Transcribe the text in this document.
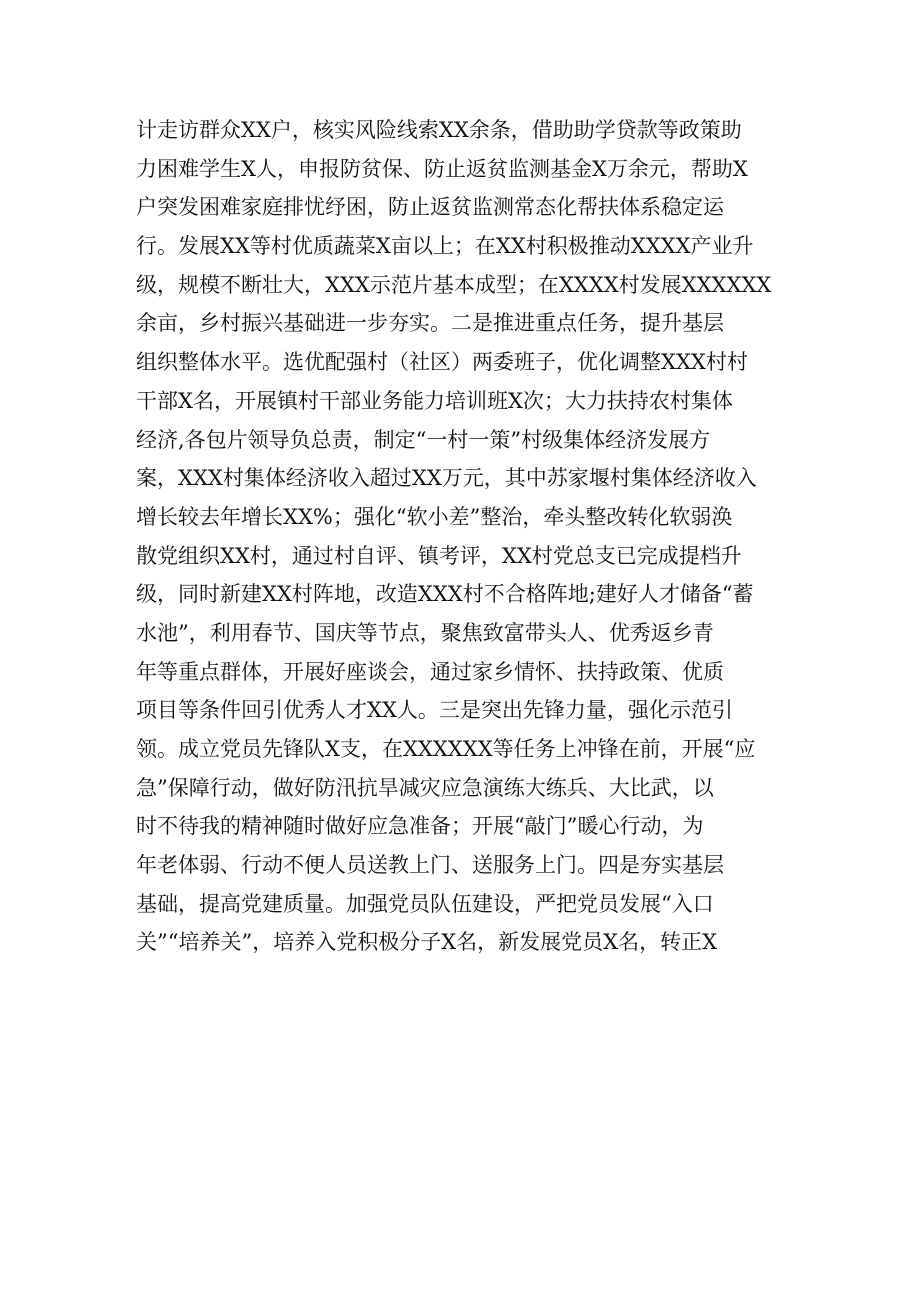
计走访群众XX户，核实风险线索XX余条，借助助学贷款等政策助
力困难学生X人，申报防贫保、防止返贫监测基金X万余元，帮助X
户突发困难家庭排忧纾困，防止返贫监测常态化帮扶体系稳定运
行。发展XX等村优质蔬菜X亩以上；在XX村积极推动XXXX产业升
级，规模不断壮大，XXX示范片基本成型；在XXXX村发展XXXXXX
余亩，乡村振兴基础进一步夯实。二是推进重点任务，提升基层
组织整体水平。选优配强村（社区）两委班子，优化调整XXX村村
干部X名，开展镇村干部业务能力培训班X次；大力扶持农村集体
经济,各包片领导负总责，制定“一村一策”村级集体经济发展方
案，XXX村集体经济收入超过XX万元，其中苏家堰村集体经济收入
增长较去年增长XX%；强化“软小差”整治，牵头整改转化软弱涣
散党组织XX村，通过村自评、镇考评，XX村党总支已完成提档升
级，同时新建XX村阵地，改造XXX村不合格阵地;建好人才储备“蓄
水池”，利用春节、国庆等节点，聚焦致富带头人、优秀返乡青
年等重点群体，开展好座谈会，通过家乡情怀、扶持政策、优质
项目等条件回引优秀人才XX人。三是突出先锋力量，强化示范引
领。成立党员先锋队X支，在XXXXXX等任务上冲锋在前，开展“应
急”保障行动，做好防汛抗旱减灾应急演练大练兵、大比武，以
时不待我的精神随时做好应急准备；开展“敲门”暖心行动，为
年老体弱、行动不便人员送教上门、送服务上门。四是夯实基层
基础，提高党建质量。加强党员队伍建设，严把党员发展“入口
关”“培养关”，培养入党积极分子X名，新发展党员X名，转正X
